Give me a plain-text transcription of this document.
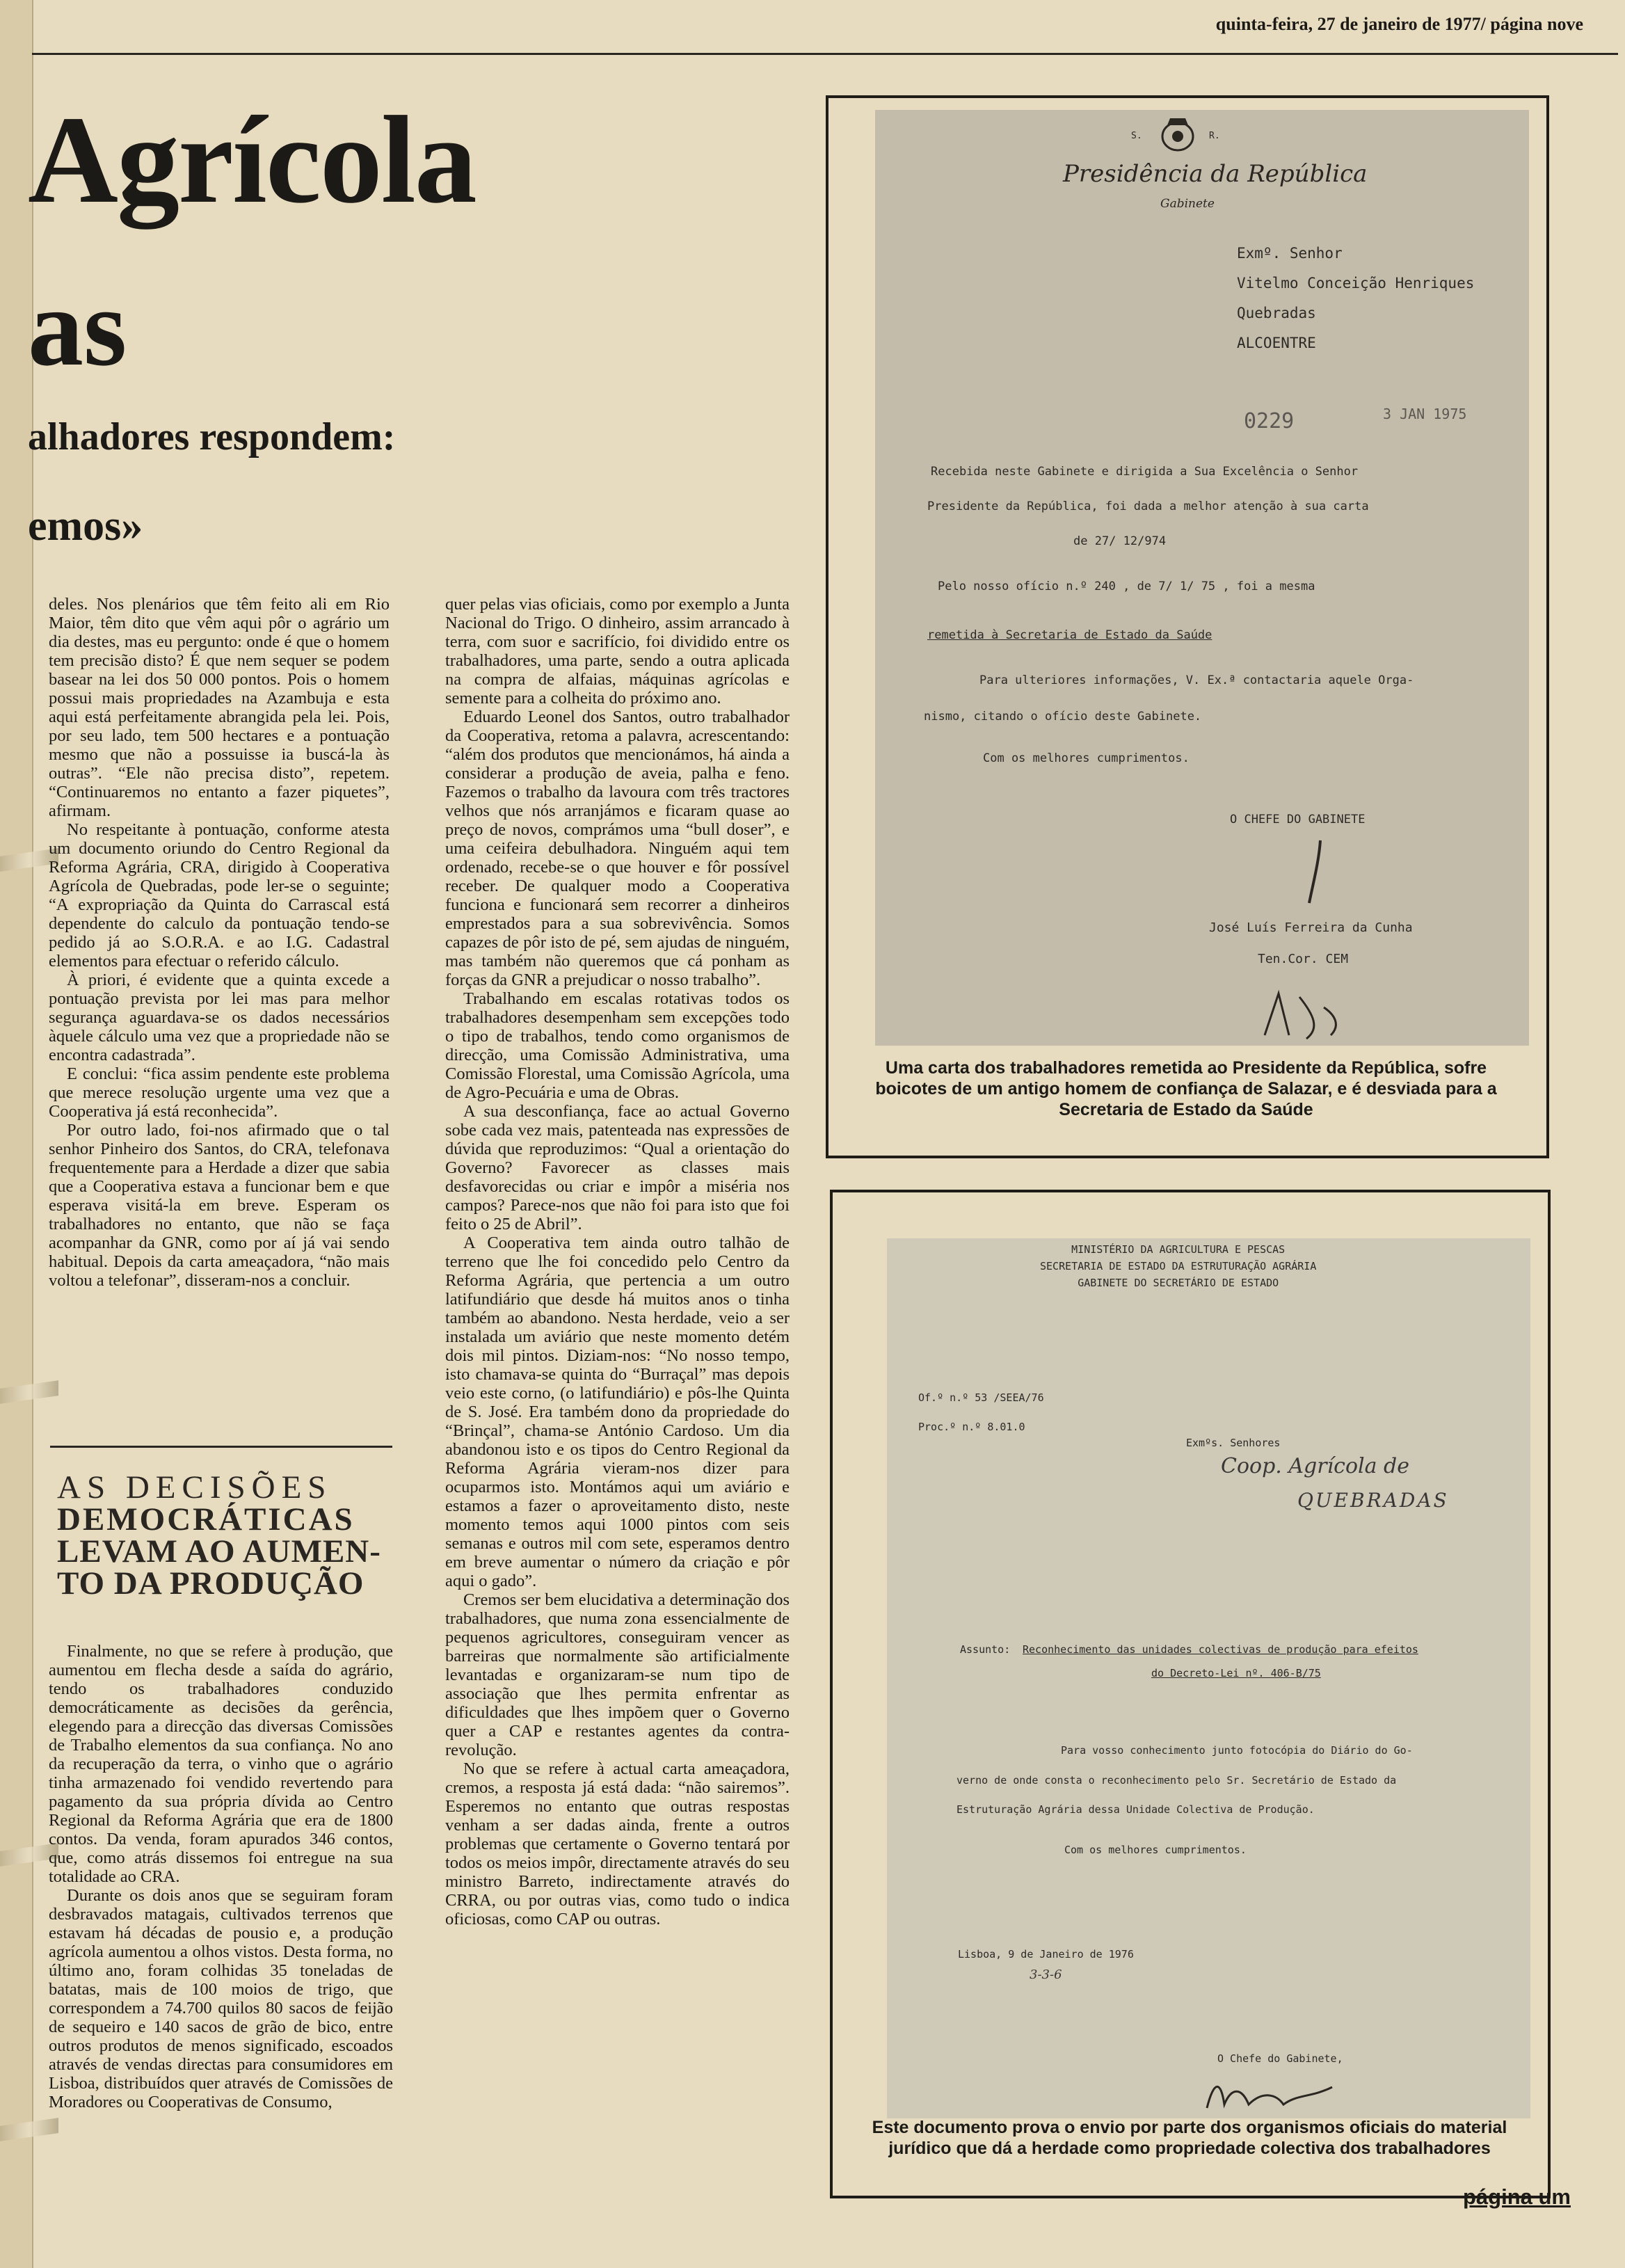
quinta-feira, 27 de janeiro de 1977/ página nove
Agrícola
as
alhadores respondem:
emos»

deles. Nos plenários que têm feito ali em Rio Maior, têm dito que vêm aqui pôr o agrário um dia destes, mas eu pergunto: onde é que o homem tem precisão disto? É que nem sequer se podem basear na lei dos 50 000 pontos. Pois o homem possui mais propriedades na Azambuja e esta aqui está perfeitamente abrangida pela lei. Pois, por seu lado, tem 500 hectares e a pontuação mesmo que não a possuisse ia buscá-la às outras”. “Ele não precisa disto”, repetem. “Continuaremos no entanto a fazer piquetes”, afirmam.

No respeitante à pontuação, conforme atesta um documento oriundo do Centro Regional da Reforma Agrária, CRA, dirigido à Cooperativa Agrícola de Quebradas, pode ler-se o seguinte; “A expropriação da Quinta do Carrascal está dependente do calculo da pontuação tendo-se pedido já ao S.O.R.A. e ao I.G. Cadastral elementos para efectuar o referido cálculo.

À priori, é evidente que a quinta excede a pontuação prevista por lei mas para melhor segurança aguardava-se os dados necessários àquele cálculo uma vez que a propriedade não se encontra cadastrada”.

E conclui: “fica assim pendente este problema que merece resolução urgente uma vez que a Cooperativa já está reconhecida”.

Por outro lado, foi-nos afirmado que o tal senhor Pinheiro dos Santos, do CRA, telefonava frequentemente para a Herdade a dizer que sabia que a Cooperativa estava a funcionar bem e que esperava visitá-la em breve. Esperam os trabalhadores no entanto, que não se faça acompanhar da GNR, como por aí já vai sendo habitual. Depois da carta ameaçadora, “não mais voltou a telefonar”, disseram-nos a concluir.

AS DECISÕES
DEMOCRÁTICAS
LEVAM AO AUMEN-
TO DA PRODUÇÃO

Finalmente, no que se refere à produção, que aumentou em flecha desde a saída do agrário, tendo os trabalhadores conduzido democráticamente as decisões da gerência, elegendo para a direcção das diversas Comissões de Trabalho elementos da sua confiança. No ano da recuperação da terra, o vinho que o agrário tinha armazenado foi vendido revertendo para pagamento da sua própria dívida ao Centro Regional da Reforma Agrária que era de 1800 contos. Da venda, foram apurados 346 contos, que, como atrás dissemos foi entregue na sua totalidade ao CRA.

Durante os dois anos que se seguiram foram desbravados matagais, cultivados terrenos que estavam há décadas de pousio e, a produção agrícola aumentou a olhos vistos. Desta forma, no último ano, foram colhidas 35 toneladas de batatas, mais de 100 moios de trigo, que correspondem a 74.700 quilos 80 sacos de feijão de sequeiro e 140 sacos de grão de bico, entre outros produtos de menos significado, escoados através de vendas directas para consumidores em Lisboa, distribuídos quer através de Comissões de Moradores ou Cooperativas de Consumo,

quer pelas vias oficiais, como por exemplo a Junta Nacional do Trigo. O dinheiro, assim arrancado à terra, com suor e sacrifício, foi dividido entre os trabalhadores, uma parte, sendo a outra aplicada na compra de alfaias, máquinas agrícolas e semente para a colheita do próximo ano.

Eduardo Leonel dos Santos, outro trabalhador da Cooperativa, retoma a palavra, acrescentando: “além dos produtos que mencionámos, há ainda a considerar a produção de aveia, palha e feno. Fazemos o trabalho da lavoura com três tractores velhos que nós arranjámos e ficaram quase ao preço de novos, comprámos uma “bull doser”, e uma ceifeira debulhadora. Ninguém aqui tem ordenado, recebe-se o que houver e fôr possível receber. De qualquer modo a Cooperativa funciona e funcionará sem recorrer a dinheiros emprestados para a sua sobrevivência. Somos capazes de pôr isto de pé, sem ajudas de ninguém, mas também não queremos que cá ponham as forças da GNR a prejudicar o nosso trabalho”.

Trabalhando em escalas rotativas todos os trabalhadores desempenham sem excepções todo o tipo de trabalhos, tendo como organismos de direcção, uma Comissão Administrativa, uma Comissão Florestal, uma Comissão Agrícola, uma de Agro-Pecuária e uma de Obras.

A sua desconfiança, face ao actual Governo sobe cada vez mais, patenteada nas expressões de dúvida que reproduzimos: “Qual a orientação do Governo? Favorecer as classes mais desfavorecidas ou criar e impôr a miséria nos campos? Parece-nos que não foi para isto que foi feito o 25 de Abril”.

A Cooperativa tem ainda outro talhão de terreno que lhe foi concedido pelo Centro da Reforma Agrária, que pertencia a um outro latifundiário que desde há muitos anos o tinha também ao abandono. Nesta herdade, veio a ser instalada um aviário que neste momento detém dois mil pintos. Diziam-nos: “No nosso tempo, isto chamava-se quinta do “Burraçal” mas depois veio este corno, (o latifundiário) e pôs-lhe Quinta de S. José. Era também dono da propriedade do “Brinçal”, chama-se António Cardoso. Um dia abandonou isto e os tipos do Centro Regional da Reforma Agrária vieram-nos dizer para ocuparmos isto. Montámos aqui um aviário e estamos a fazer o aproveitamento disto, neste momento temos aqui 1000 pintos com seis semanas e outros mil com sete, esperamos dentro em breve aumentar o número da criação e pôr aqui o gado”.

Cremos ser bem elucidativa a determinação dos trabalhadores, que numa zona essencialmente de pequenos agricultores, conseguiram vencer as barreiras que normalmente são artificialmente levantadas e organizaram-se num tipo de associação que lhes permita enfrentar as dificuldades que lhes impõem quer o Governo quer a CAP e restantes agentes da contra-revolução.

No que se refere à actual carta ameaçadora, cremos, a resposta já está dada: “não sairemos”. Esperemos no entanto que outras respostas venham a ser dadas ainda, frente a outros problemas que certamente o Governo tentará por todos os meios impôr, directamente através do seu ministro Barreto, indirectamente através do CRRA, ou por outras vias, como tudo o indica oficiosas, como CAP ou outras.

S.	R.
Presidência da República
Gabinete
Exmº. Senhor
Vitelmo Conceição Henriques
Quebradas
ALCOENTRE
0229	3 JAN 1975
Recebida neste Gabinete e dirigida a Sua Excelência o Senhor
Presidente da República, foi dada a melhor atenção à sua carta
de 27/ 12/974
Pelo nosso ofício n.º 240 , de 7/ 1/ 75 , foi a mesma
remetida à Secretaria de Estado da Saúde
Para ulteriores informações, V. Ex.ª contactaria aquele Orga-
nismo, citando o ofício deste Gabinete.
Com os melhores cumprimentos.
O CHEFE DO GABINETE
José Luís Ferreira da Cunha
Ten.Cor. CEM
Uma carta dos trabalhadores remetida ao Presidente da República, sofre boicotes de um antigo homem de confiança de Salazar, e é desviada para a Secretaria de Estado da Saúde
MINISTÉRIO DA AGRICULTURA E PESCAS
SECRETARIA DE ESTADO DA ESTRUTURAÇÃO AGRÁRIA
GABINETE DO SECRETÁRIO DE ESTADO
Of.º n.º 53 /SEEA/76
Proc.º n.º 8.01.0
Exmºs. Senhores
Coop. Agrícola de
QUEBRADAS
Assunto: Reconhecimento das unidades colectivas de produção para efeitos
do Decreto-Lei nº. 406-B/75
Para vosso conhecimento junto fotocópia do Diário do Go-
verno de onde consta o reconhecimento pelo Sr. Secretário de Estado da
Estruturação Agrária dessa Unidade Colectiva de Produção.
Com os melhores cumprimentos.
Lisboa, 9 de Janeiro de 1976
3-3-6
O Chefe do Gabinete,
Este documento prova o envio por parte dos organismos oficiais do material jurídico que dá a herdade como propriedade colectiva dos trabalhadores
página um
